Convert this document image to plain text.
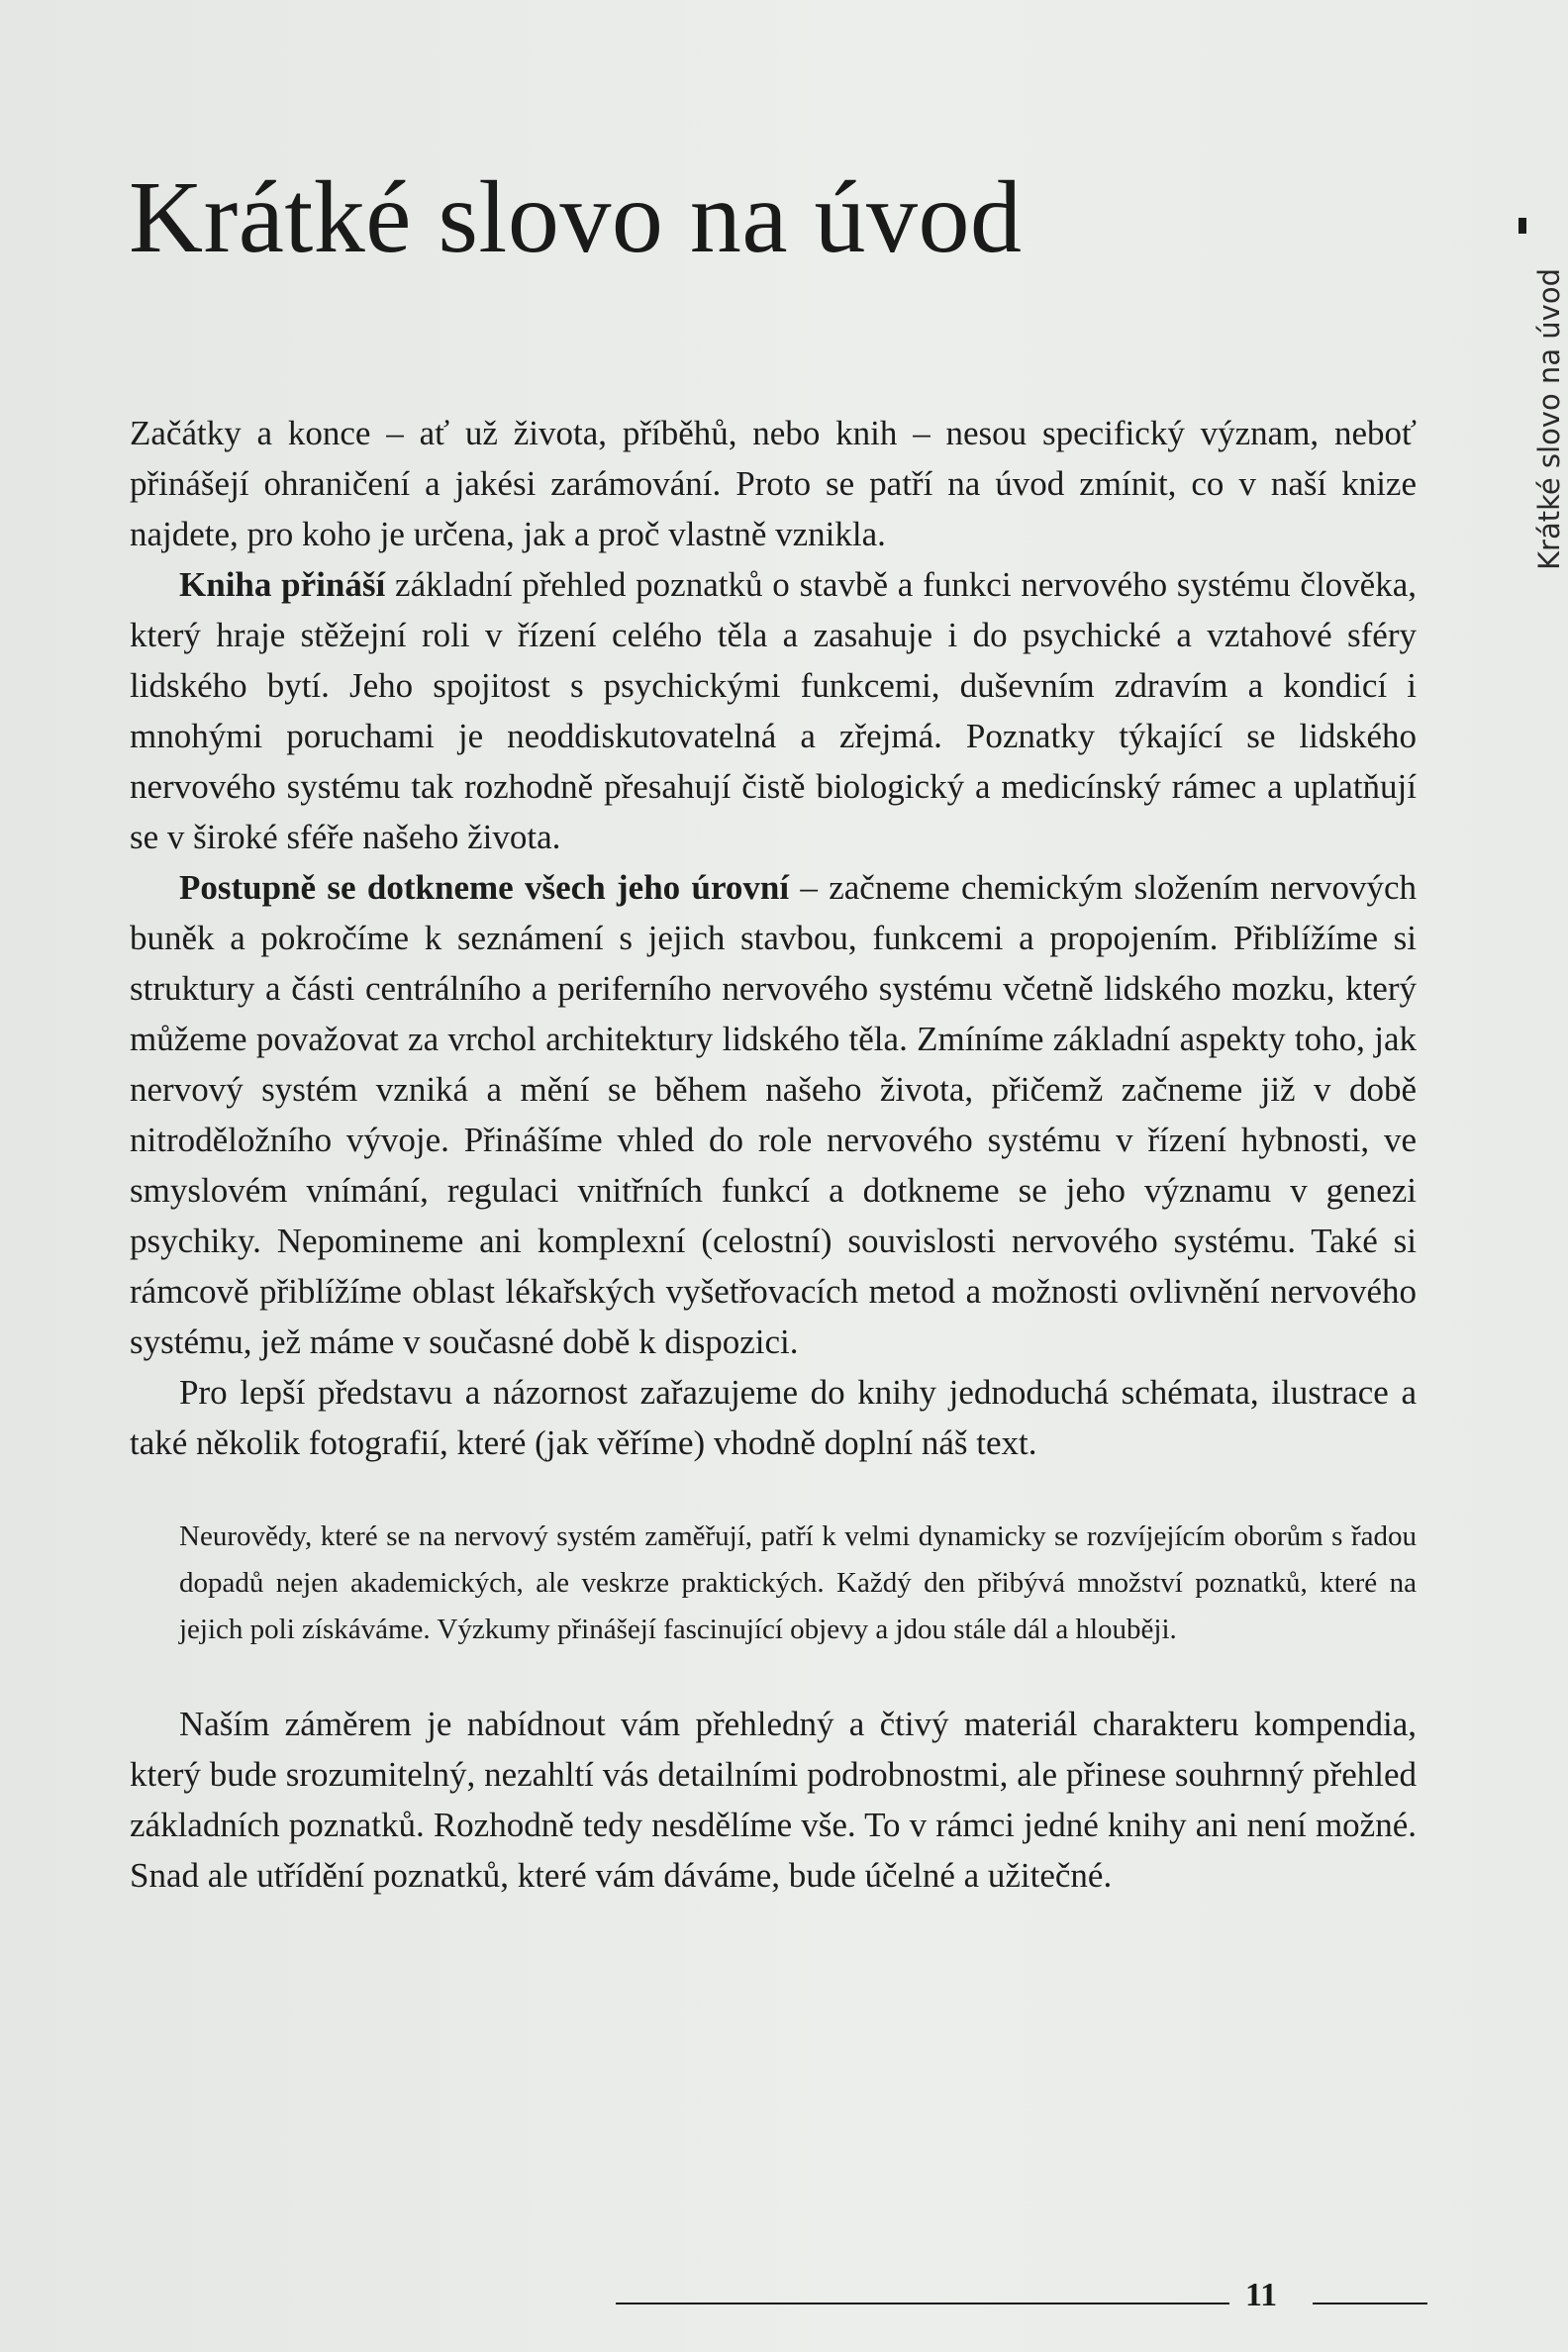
Krátké slovo na úvod
Krátké slovo na úvod

Začátky a konce – ať už života, příběhů, nebo knih – nesou specifický význam, neboť přinášejí ohraničení a jakési zarámování. Proto se patří na úvod zmínit, co v naší knize najdete, pro koho je určena, jak a proč vlastně vznikla.

Kniha přináší základní přehled poznatků o stavbě a funkci nervového systému člověka, který hraje stěžejní roli v řízení celého těla a zasahuje i do psychické a vztahové sféry lidského bytí. Jeho spojitost s psychickými funkcemi, duševním zdravím a kondicí i mnohými poruchami je neoddiskutovatelná a zřejmá. Poznatky týkající se lidského nervového systému tak rozhodně přesahují čistě biologický a medicínský rámec a uplatňují se v široké sféře našeho života.

Postupně se dotkneme všech jeho úrovní – začneme chemickým složením nervových buněk a pokročíme k seznámení s jejich stavbou, funkcemi a propojením. Přiblížíme si struktury a části centrálního a periferního nervového systému včetně lidského mozku, který můžeme považovat za vrchol architektury lidského těla. Zmíníme základní aspekty toho, jak nervový systém vzniká a mění se během našeho života, přičemž začneme již v době nitroděložního vývoje. Přinášíme vhled do role nervového systému v řízení hybnosti, ve smyslovém vnímání, regulaci vnitřních funkcí a dotkneme se jeho významu v genezi psychiky. Nepomineme ani komplexní (celostní) souvislosti nervového systému. Také si rámcově přiblížíme oblast lékařských vyšetřovacích metod a možnosti ovlivnění nervového systému, jež máme v současné době k dispozici.

Pro lepší představu a názornost zařazujeme do knihy jednoduchá schémata, ilustrace a také několik fotografií, které (jak věříme) vhodně doplní náš text.

Neurovědy, které se na nervový systém zaměřují, patří k velmi dynamicky se rozvíjejícím oborům s řadou dopadů nejen akademických, ale veskrze praktických. Každý den přibývá množství poznatků, které na jejich poli získáváme. Výzkumy přinášejí fascinující objevy a jdou stále dál a hlouběji.

Naším záměrem je nabídnout vám přehledný a čtivý materiál charakteru kompendia, který bude srozumitelný, nezahltí vás detailními podrobnostmi, ale přinese souhrnný přehled základních poznatků. Rozhodně tedy nesdělíme vše. To v rámci jedné knihy ani není možné. Snad ale utřídění poznatků, které vám dáváme, bude účelné a užitečné.

11
